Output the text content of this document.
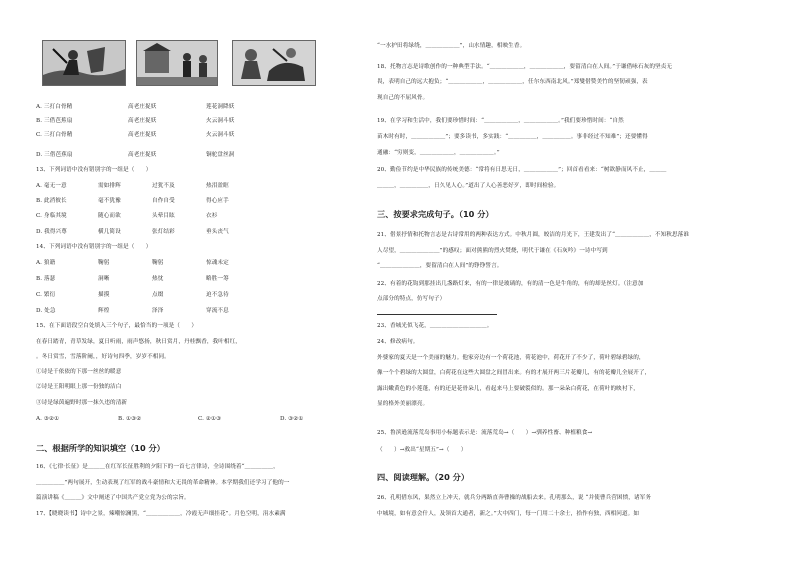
A. 三打白骨精	高老庄捉妖	莲花洞降妖
B. 三借芭蕉扇	高老庄捉妖	火云洞斗妖
C. 三打白骨精	高老庄捉妖	火云洞斗妖
D. 三借芭蕉扇	高老庄捉妖	铜驼盘丝洞
13、下列词语中没有错别字的一组是（　　）
A. 毫无一意	需如排辉	过犹不及	热泪盈眶
B. 此消彼长	毫不犹豫	自作自受	得心应手
C. 身临其境	随心而欲	头晕目眩	衣衫
D. 我得兴尊	横几简设	张灯结彩	垂头丧气
14、下列词语中没有错别字的一组是（　　）
A. 狼籍	鞠躬	鞠躬	惊魂未定
B. 落瑟	洞晰	热忱	略胜一筹
C. 繁衍	描摸	点缀	迫不急待
D. 处急	辉煌	泽泽	穿流不息
15、在下面语段空白处填入三个句子，最恰当的一项是（　　）
在春日踏青，青草发绿，夏日听雨，雨声悠扬，秋日赏月，丹桂飘香，我叶相红，
。冬日赏雪，雪落阶阑，，好诗句四季，岁岁不相同。
①诗是千依依的下那一丝丝的暖意
②诗是王阳明眼上那一份独的洁白
③诗是绿茵遍野时那一抹久违的清新
A. ③②①	B. ①③②	C. ②①③	D. ③②①
二、根据所学的知识填空（10 分）
16、《七律·长征》是＿＿＿在红军长征胜利的夕阳下的一首七言律诗，全诗围绕着“＿＿＿＿＿，
＿＿＿＿＿”两句展开，生动表现了红军的战斗豪情和大无畏的革命精神。本学期我们还学习了他的一
篇演讲稿《＿＿＿》文中阐述了中国共产党立党为公的宗旨。
17、【晓晓读书】诗中之景，辣嘲惊澜黑，“＿＿＿＿＿＿，冷霞无声细挂花”。月色空明，涓水素满
“一水护田将绿绕，＿＿＿＿＿＿”，山水情趣，相映生香。
18、托物言志是诗歌创作的一种典型手法。“＿＿＿＿＿＿，＿＿＿＿＿＿，要留清白在人间。”于谦借咏石灰的坚贞无
畏，表明自己的远大抱负；“＿＿＿＿＿＿，＿＿＿＿＿＿，任尔东西南北风。”郑燮借赞美竹的坚韧顽强，表
现自己的不屈风骨。
19、在学习和生活中，我们要珍惜时间：“＿＿＿＿＿＿，＿＿＿＿＿＿。”我们要珍惜时间：“自然
苗木时有时，＿＿＿＿＿＿”；要多读书，多实践：“＿＿＿＿＿，＿＿＿＿＿。事非经过不知难”；还要懂得
通融：“穷则变，＿＿＿＿＿＿，＿＿＿＿＿＿。”
20、勤俭节约是中华民族的传统美德：“常将有日思无日，＿＿＿＿＿＿”；回首看看来：“树欲静而风不止，＿＿＿
＿＿＿，＿＿＿＿＿，日久见人心。”道出了人心善恶好歹，即时间检验。
三、按要求完成句子。（10 分）
21、借景抒情和托物言志是古诗常用的两种表达方式。中秋月圆，皎洁的月光下，王建发出了“＿＿＿＿＿＿，不知秋思落谁
人尽望，＿＿＿＿＿＿＿”的感叹；面对熊熊的烈火焚烧，明代于谦在《石灰吟》一诗中写到
“＿＿＿＿＿＿＿，要留清白在人间”的铮铮誓言。
22、有着的花钩到那挂出几盏路灯来，有的一律是玻璃的，有的清一色是牛角的，有的却是丝灯。（注意加
点部分的特点，仿写句子）
23、香城光似飞花，＿＿＿＿＿＿＿＿＿＿。
24、修改病句。
外婆家的夏天是一个美丽的魅力。他家旁边有一个荷花池，荷花池中，荷花开了不少了，荷叶碧绿碧绿的，
像一个个碧绿的大圆盘，白荷花在这些大圆盘之间冒出来。有的才展开两三片花瓣儿，有的花瓣儿全展开了，
露出嫩黄色的小莲蓬，有的还是花骨朵儿，看起来马上要破裂似的。那一朵朵白荷花，在荷叶的映衬下，
显的格外美丽漂亮。
25、鲁滨逊流落荒岛事用小标题表示是：流落荒岛→（　　）→驯养性畜、种植粮食→
（　　）→救出“星期五”→（　　）
四、阅读理解。（20 分）
26、孔明借东风，果然立上冲天，就兵分两路直奔曹操的战船去来。孔明那么，说 “并使曹兵营困愤，诸军务
中城境，如有意会什人，及领首大通者，新之。”大中四门，每一门用二十余士，拾作有独，西相问道。如
